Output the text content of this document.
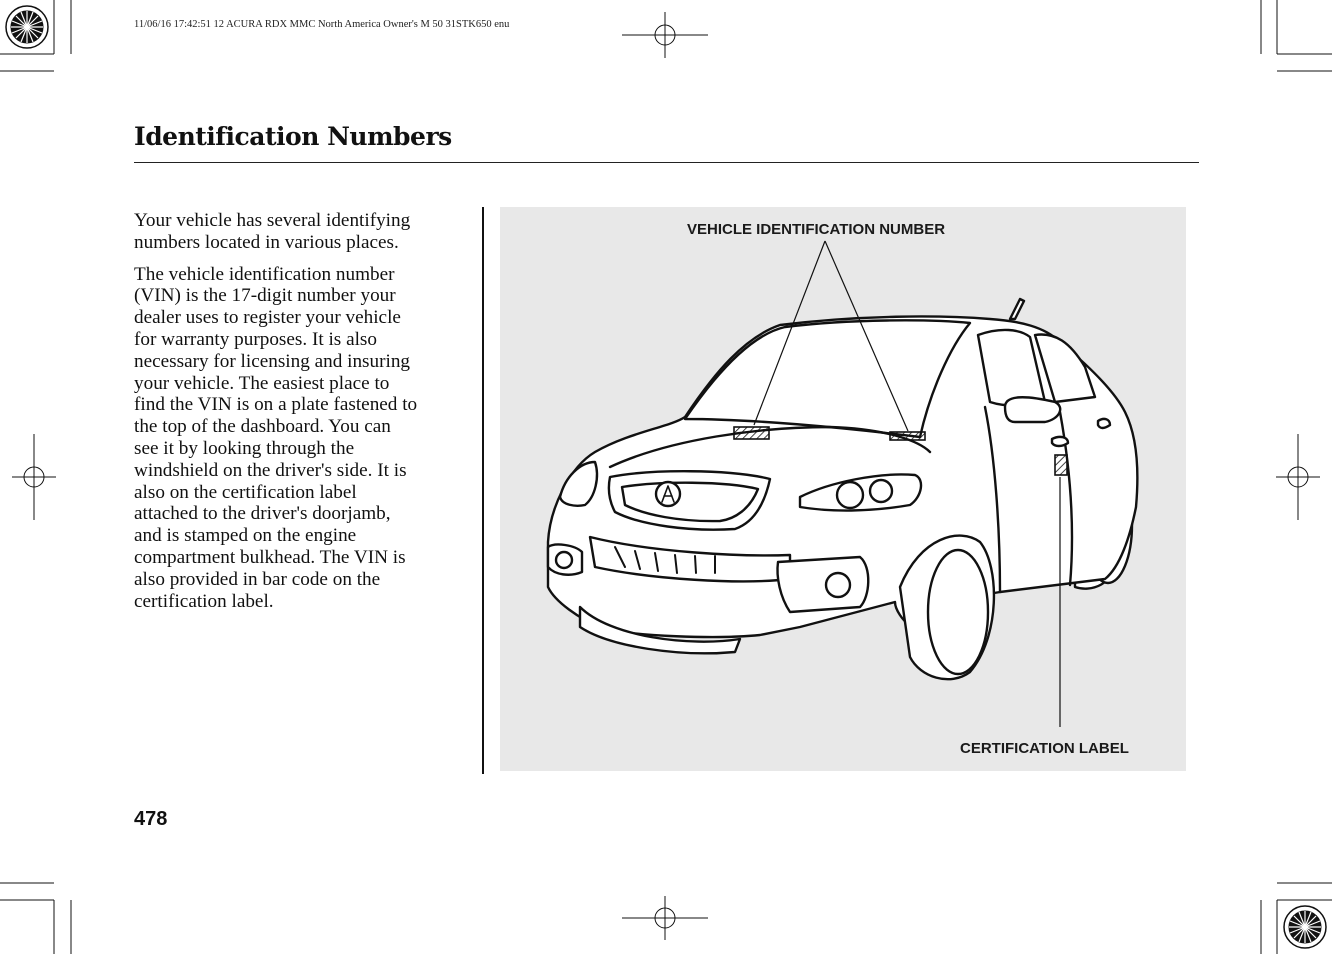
11/06/16 17:42:51 12 ACURA RDX MMC North America Owner's M 50 31STK650 enu
Identification Numbers

Your vehicle has several identifying
numbers located in various places.

The vehicle identification number
(VIN) is the 17-digit number your
dealer uses to register your vehicle
for warranty purposes. It is also
necessary for licensing and insuring
your vehicle. The easiest place to
find the VIN is on a plate fastened to
the top of the dashboard. You can
see it by looking through the
windshield on the driver's side. It is
also on the certification label
attached to the driver's doorjamb,
and is stamped on the engine
compartment bulkhead. The VIN is
also provided in bar code on the
certification label.

VEHICLE IDENTIFICATION NUMBER
CERTIFICATION LABEL
478
